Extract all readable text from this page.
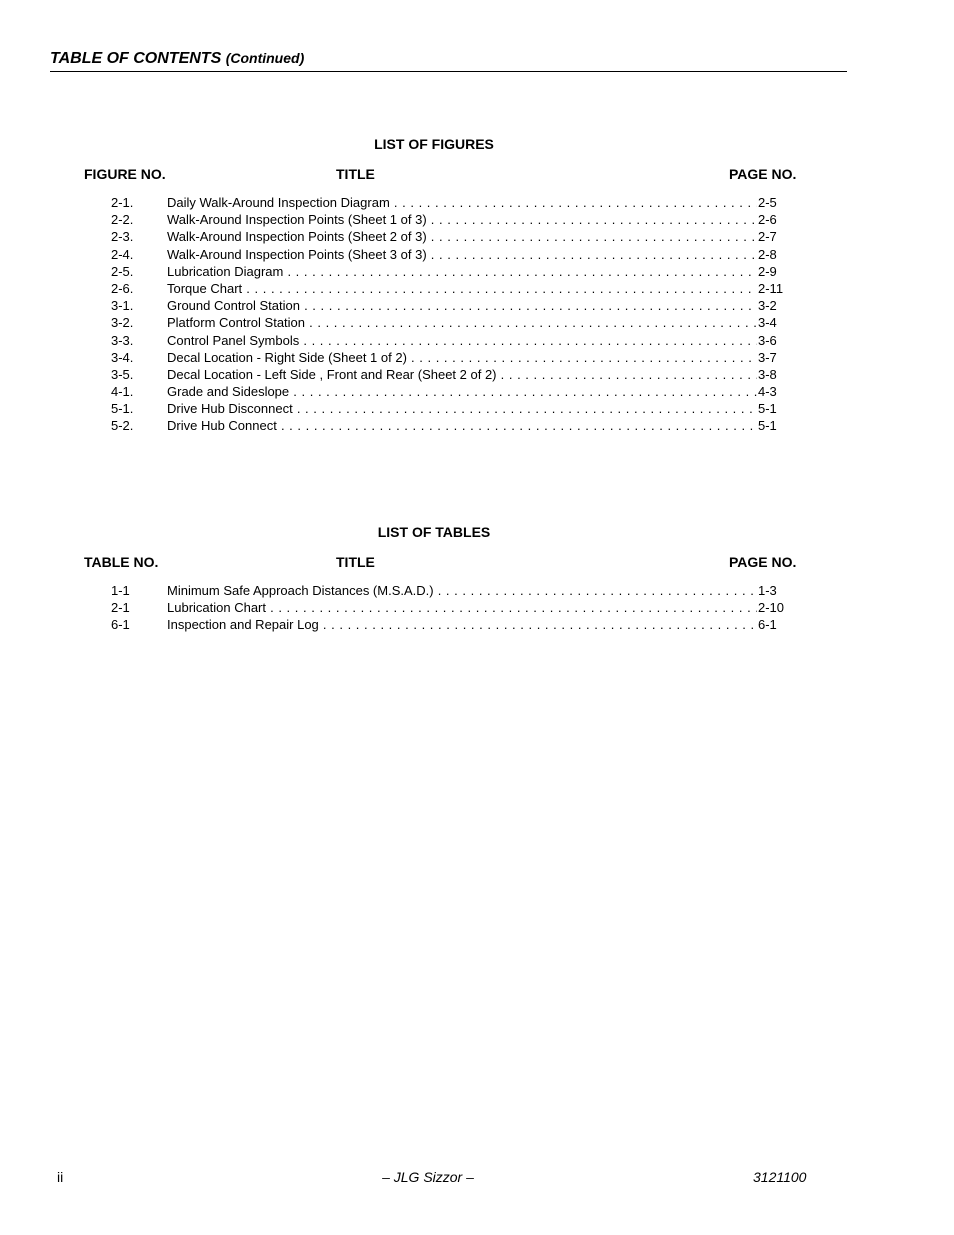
TABLE OF CONTENTS (Continued)
LIST OF FIGURES
FIGURE NO.	TITLE	PAGE NO.
2-1.	Daily Walk-Around Inspection Diagram . . .	2-5
2-2.	Walk-Around Inspection Points (Sheet 1 of 3) . . .	2-6
2-3.	Walk-Around Inspection Points (Sheet 2 of 3) . . .	2-7
2-4.	Walk-Around Inspection Points (Sheet 3 of 3) . . .	2-8
2-5.	Lubrication Diagram . . .	2-9
2-6.	Torque Chart . . .	2-11
3-1.	Ground Control Station . . .	3-2
3-2.	Platform Control Station . . .	3-4
3-3.	Control Panel Symbols . . .	3-6
3-4.	Decal Location - Right Side (Sheet 1 of 2) . . .	3-7
3-5.	Decal Location - Left Side , Front and Rear (Sheet 2 of 2) . . .	3-8
4-1.	Grade and Sideslope . . .	4-3
5-1.	Drive Hub Disconnect . . .	5-1
5-2.	Drive Hub Connect . . .	5-1
LIST OF TABLES
TABLE NO.	TITLE	PAGE NO.
1-1	Minimum Safe Approach Distances (M.S.A.D.) . . .	1-3
2-1	Lubrication Chart . . .	2-10
6-1	Inspection and Repair Log . . .	6-1
ii	– JLG Sizzor –	3121100
